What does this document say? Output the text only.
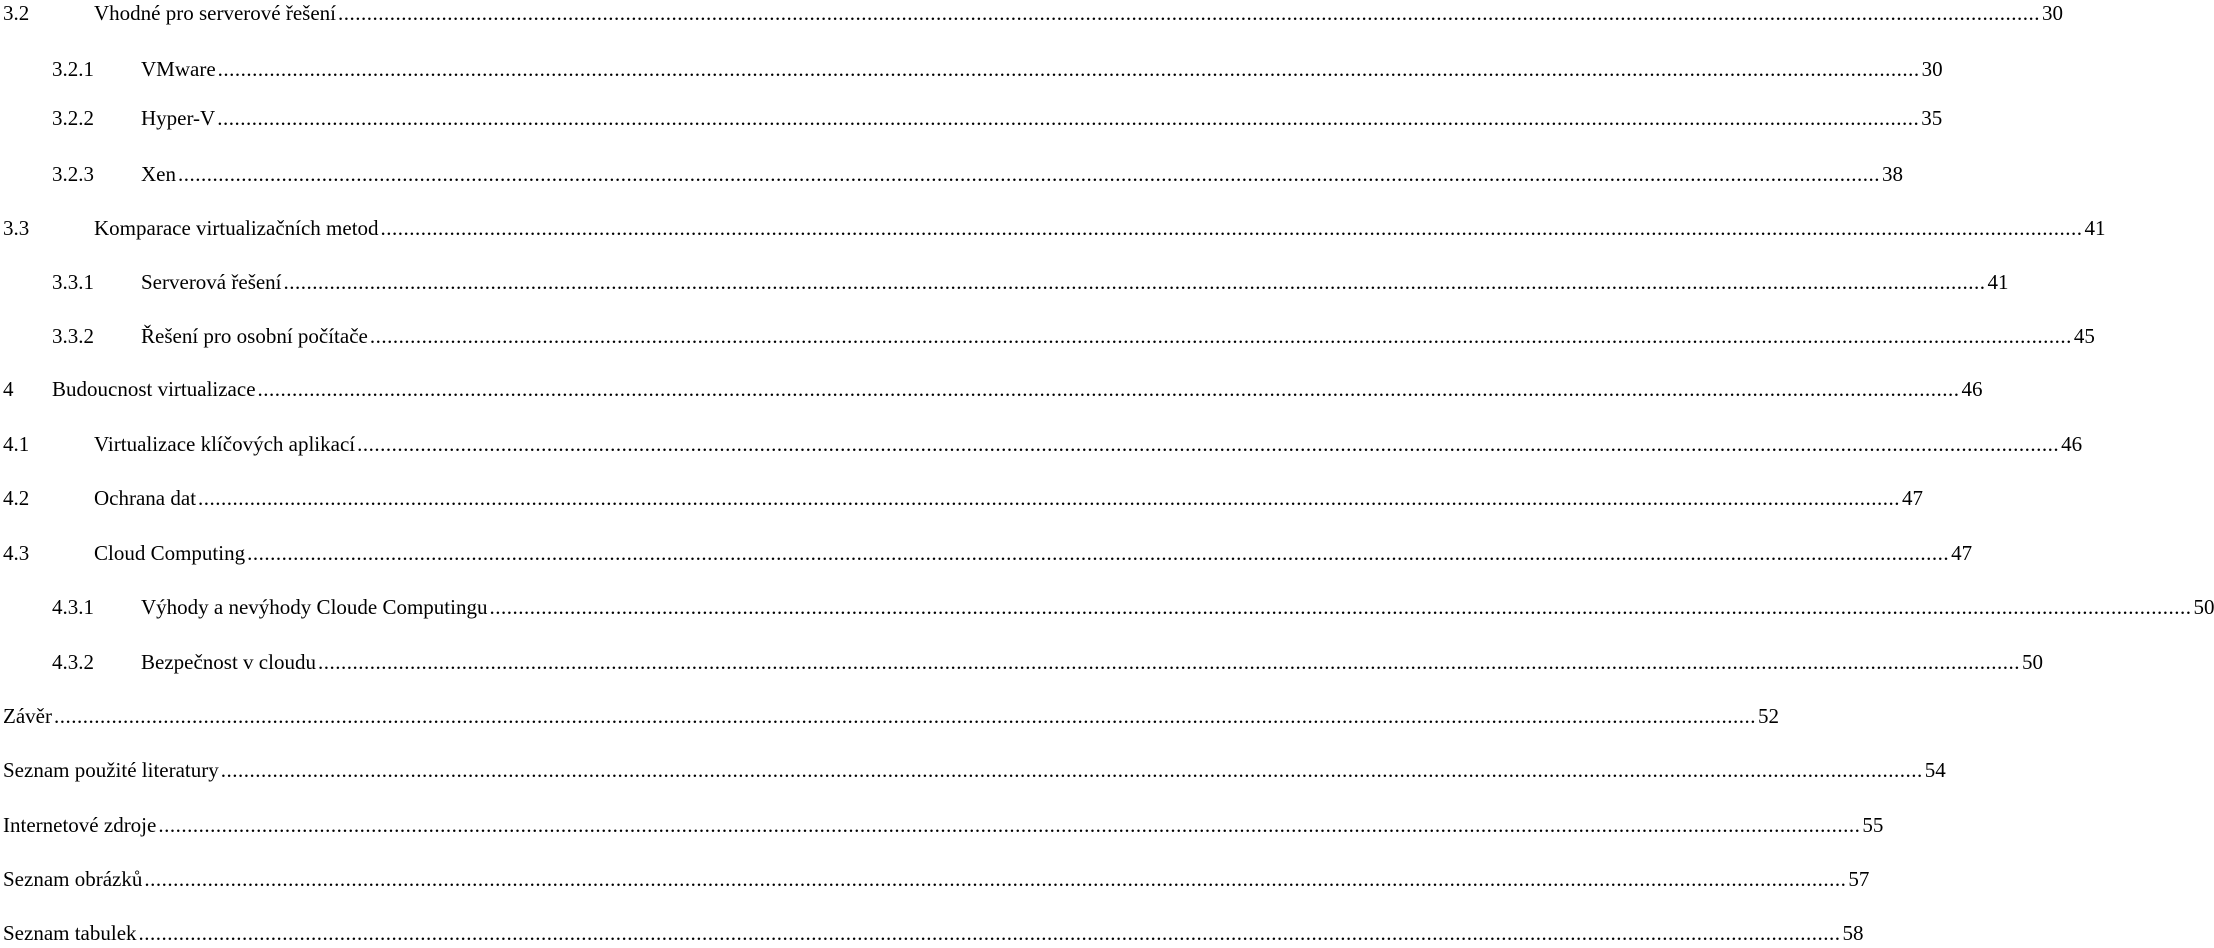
3.2	Vhodné pro serverové řešení .....	30
3.2.1	VMware .....	30
3.2.2	Hyper-V .....	35
3.2.3	Xen .....	38
3.3	Komparace virtualizačních metod .....	41
3.3.1	Serverová řešení .....	41
3.3.2	Řešení pro osobní počítače .....	45
4	Budoucnost virtualizace .....	46
4.1	Virtualizace klíčových aplikací .....	46
4.2	Ochrana dat .....	47
4.3	Cloud Computing .....	47
4.3.1	Výhody a nevýhody Cloude Computingu .....	50
4.3.2	Bezpečnost v cloudu .....	50
Závěr .....	52
Seznam použité literatury .....	54
Internetové zdroje .....	55
Seznam obrázků .....	57
Seznam tabulek .....	58
